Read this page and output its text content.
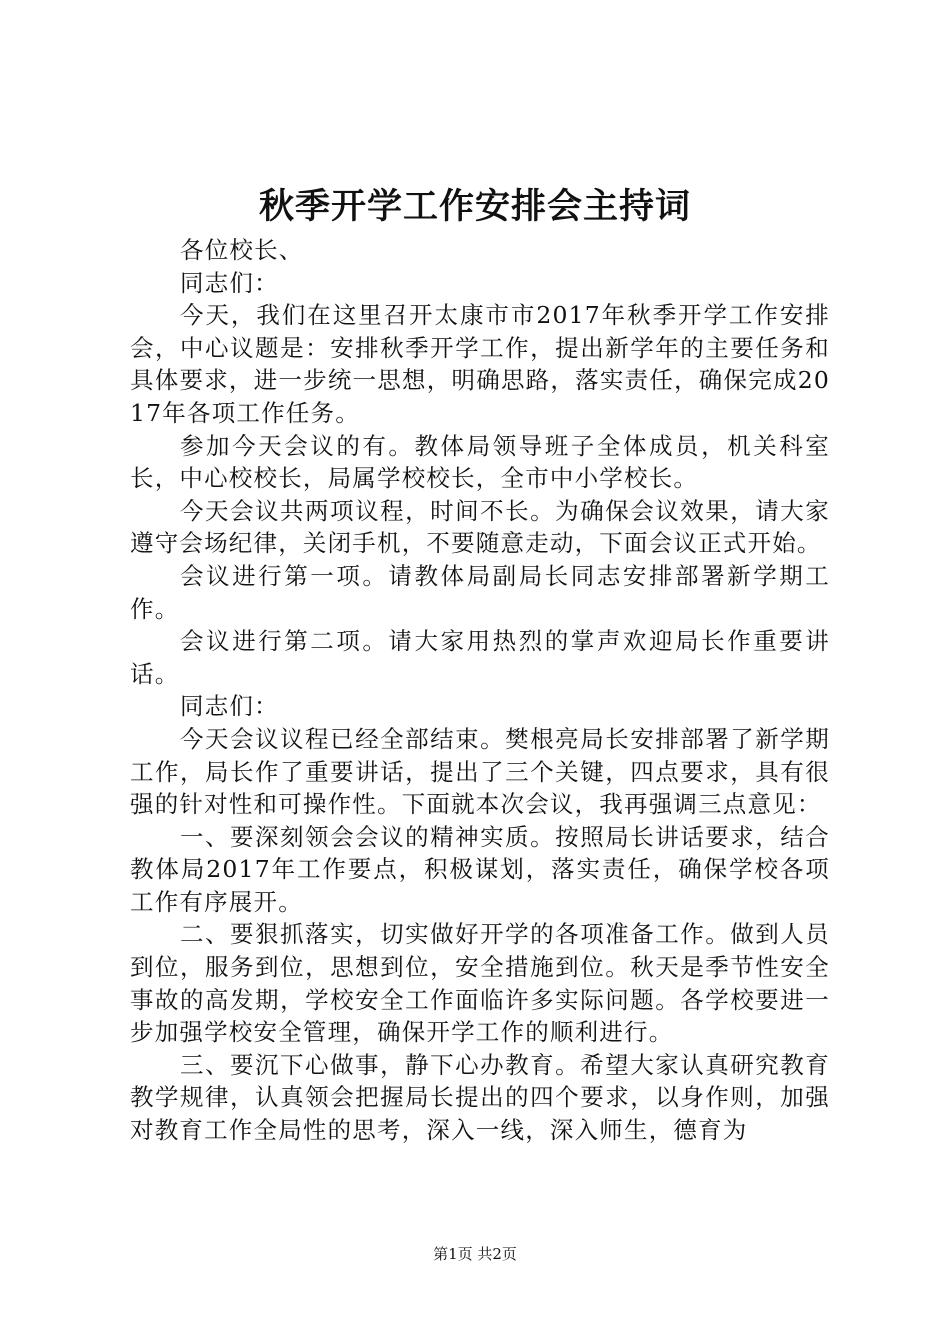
秋季开学工作安排会主持词

各位校长、

同志们：

今天，我们在这里召开太康市市2017年秋季开学工作安排会，中心议题是：安排秋季开学工作，提出新学年的主要任务和具体要求，进一步统一思想，明确思路，落实责任，确保完成2017年各项工作任务。

参加今天会议的有。教体局领导班子全体成员，机关科室长，中心校校长，局属学校校长，全市中小学校长。

今天会议共两项议程，时间不长。为确保会议效果，请大家遵守会场纪律，关闭手机，不要随意走动，下面会议正式开始。

会议进行第一项。请教体局副局长同志安排部署新学期工作。

会议进行第二项。请大家用热烈的掌声欢迎局长作重要讲话。

同志们：

今天会议议程已经全部结束。樊根亮局长安排部署了新学期工作，局长作了重要讲话，提出了三个关键，四点要求，具有很强的针对性和可操作性。下面就本次会议，我再强调三点意见：

一、要深刻领会会议的精神实质。按照局长讲话要求，结合教体局2017年工作要点，积极谋划，落实责任，确保学校各项工作有序展开。

二、要狠抓落实，切实做好开学的各项准备工作。做到人员到位，服务到位，思想到位，安全措施到位。秋天是季节性安全事故的高发期，学校安全工作面临许多实际问题。各学校要进一步加强学校安全管理，确保开学工作的顺利进行。

三、要沉下心做事，静下心办教育。希望大家认真研究教育教学规律，认真领会把握局长提出的四个要求，以身作则，加强对教育工作全局性的思考，深入一线，深入师生，德育为

第1页 共2页
